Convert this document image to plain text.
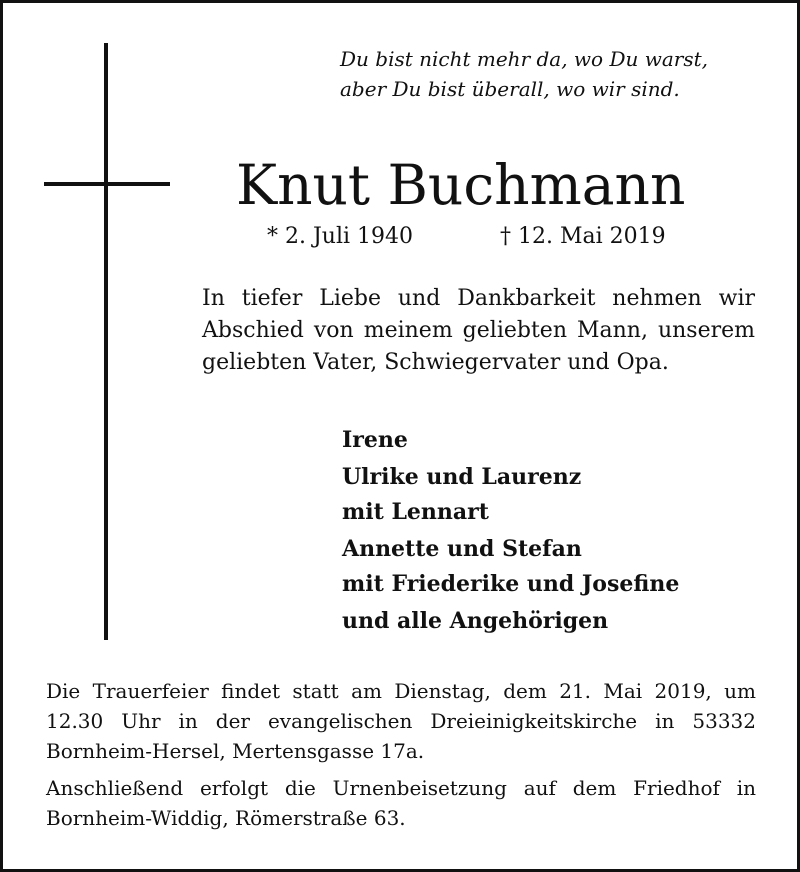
Du bist nicht mehr da, wo Du warst,
aber Du bist überall, wo wir sind.
Knut Buchmann
* 2. Juli 1940	† 12. Mai 2019
In tiefer Liebe und Dankbarkeit nehmen wir Abschied von meinem geliebten Mann, unserem geliebten Vater, Schwiegervater und Opa.
Irene
Ulrike und Laurenz
mit Lennart
Annette und Stefan
mit Friederike und Josefine
und alle Angehörigen
Die Trauerfeier findet statt am Dienstag, dem 21. Mai 2019, um 12.30 Uhr in der evangelischen Dreieinigkeitskirche in 53332 Bornheim-Hersel, Mertensgasse 17a.
Anschließend erfolgt die Urnenbeisetzung auf dem Friedhof in Bornheim-Widdig, Römerstraße 63.
